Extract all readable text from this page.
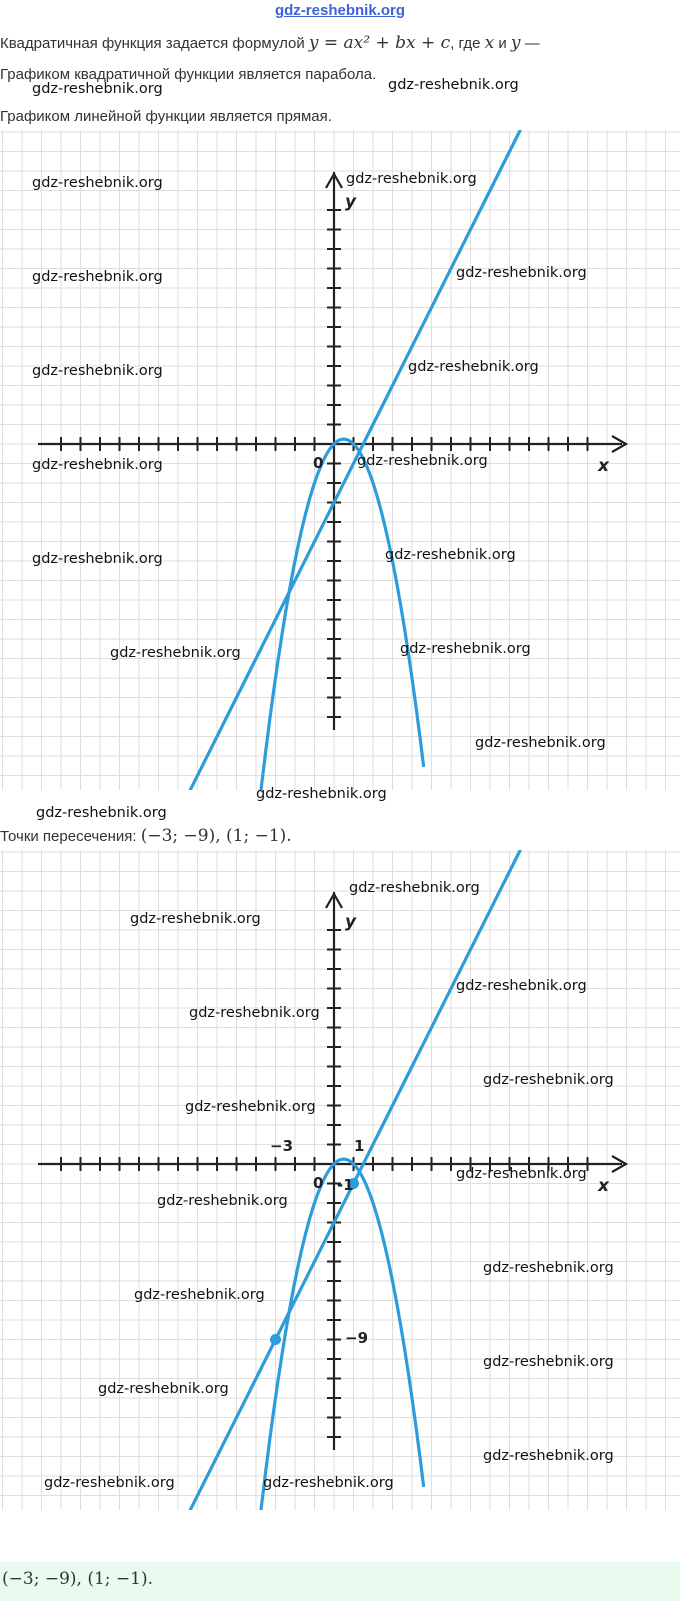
gdz-reshebnik.org
Квадратичная функция задается формулой y = ax² + bx + c, где x и y —
Графиком квадратичной функции является парабола.
Графиком линейной функции является прямая.
x
y
0
Точки пересечения: (−3; −9), (1; −1).
x
y
0
−3	1
-1
−9
(−3; −9), (1; −1).
gdz-reshebnik.org	gdz-reshebnik.org
gdz-reshebnik.org	gdz-reshebnik.org
gdz-reshebnik.org	gdz-reshebnik.org
gdz-reshebnik.org	gdz-reshebnik.org
gdz-reshebnik.org	gdz-reshebnik.org
gdz-reshebnik.org	gdz-reshebnik.org
gdz-reshebnik.org	gdz-reshebnik.org
gdz-reshebnik.org
gdz-reshebnik.org
gdz-reshebnik.org
gdz-reshebnik.org
gdz-reshebnik.org
gdz-reshebnik.org
gdz-reshebnik.org
gdz-reshebnik.org
gdz-reshebnik.org
gdz-reshebnik.org
gdz-reshebnik.org
gdz-reshebnik.org
gdz-reshebnik.org
gdz-reshebnik.org
gdz-reshebnik.org
gdz-reshebnik.org
gdz-reshebnik.org	gdz-reshebnik.org
